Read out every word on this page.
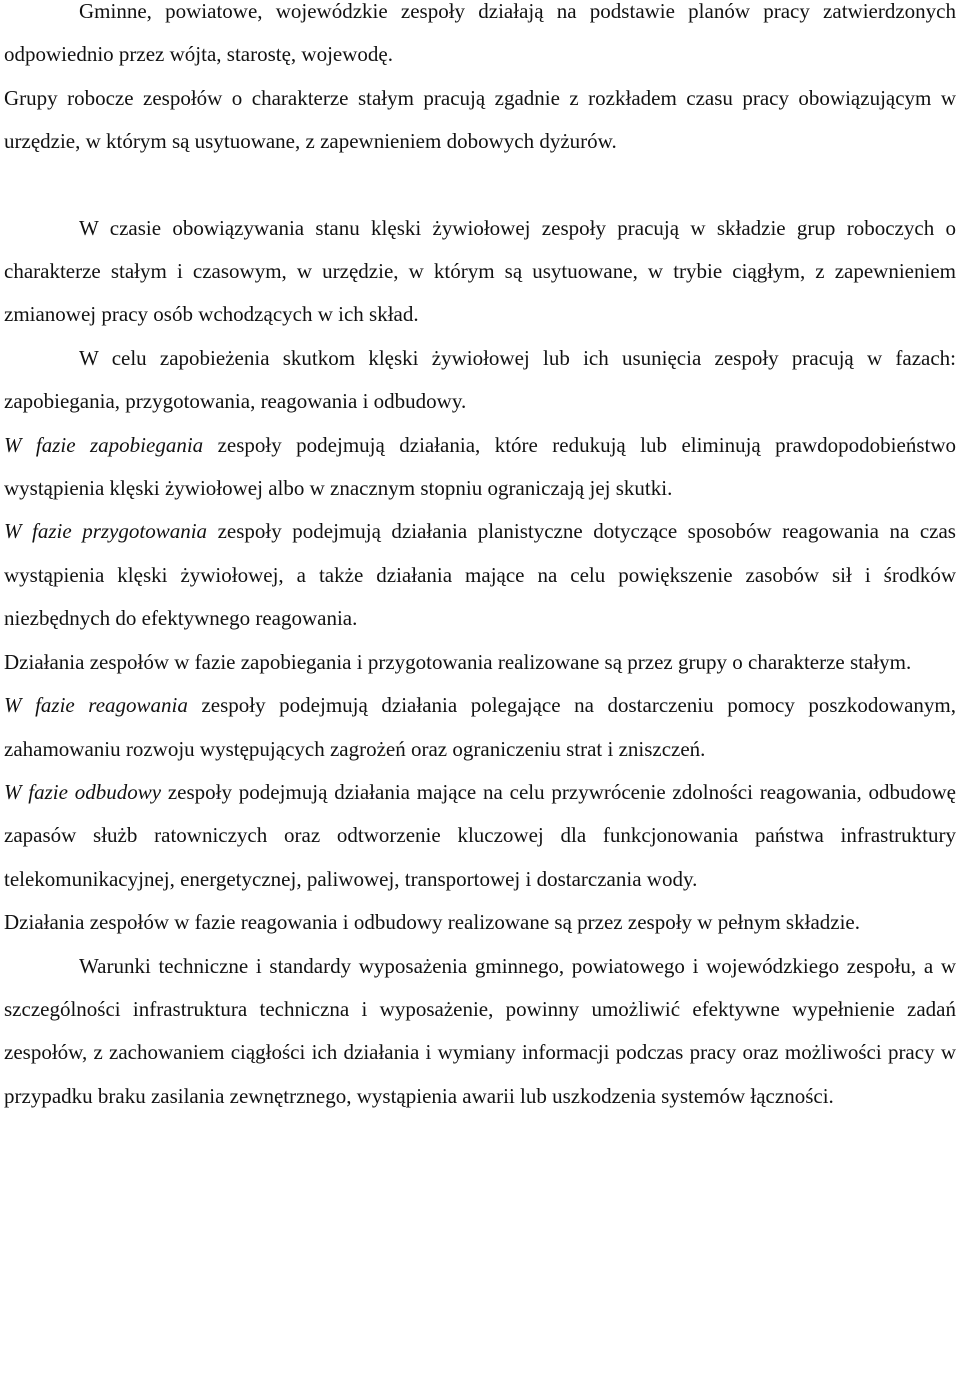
Gminne, powiatowe, wojewódzkie zespoły działają na podstawie planów pracy zatwierdzonych odpowiednio przez wójta, starostę, wojewodę.

Grupy robocze zespołów o charakterze stałym pracują zgadnie z rozkładem czasu pracy obowiązującym w urzędzie, w którym są usytuowane, z zapewnieniem dobowych dyżurów.

W czasie obowiązywania stanu klęski żywiołowej zespoły pracują w składzie grup roboczych o charakterze stałym i czasowym, w urzędzie, w którym są usytuowane, w trybie ciągłym, z zapewnieniem zmianowej pracy osób wchodzących w ich skład.

W celu zapobieżenia skutkom klęski żywiołowej lub ich usunięcia zespoły pracują w fazach: zapobiegania, przygotowania, reagowania i odbudowy.

W fazie zapobiegania zespoły podejmują działania, które redukują lub eliminują prawdopodobieństwo wystąpienia klęski żywiołowej albo w znacznym stopniu ograniczają jej skutki.

W fazie przygotowania zespoły podejmują działania planistyczne dotyczące sposobów reagowania na czas wystąpienia klęski żywiołowej, a także działania mające na celu powiększenie zasobów sił i środków niezbędnych do efektywnego reagowania.

Działania zespołów w fazie zapobiegania i przygotowania realizowane są przez grupy o charakterze stałym.

W fazie reagowania zespoły podejmują działania polegające na dostarczeniu pomocy poszkodowanym, zahamowaniu rozwoju występujących zagrożeń oraz ograniczeniu strat i zniszczeń.

W fazie odbudowy zespoły podejmują działania mające na celu przywrócenie zdolności reagowania, odbudowę zapasów służb ratowniczych oraz odtworzenie kluczowej dla funkcjonowania państwa infrastruktury telekomunikacyjnej, energetycznej, paliwowej, transportowej i dostarczania wody.

Działania zespołów w fazie reagowania i odbudowy realizowane są przez zespoły w pełnym składzie.

Warunki techniczne i standardy wyposażenia gminnego, powiatowego i wojewódzkiego zespołu, a w szczególności infrastruktura techniczna i wyposażenie, powinny umożliwić efektywne wypełnienie zadań zespołów, z zachowaniem ciągłości ich działania i wymiany informacji podczas pracy oraz możliwości pracy w przypadku braku zasilania zewnętrznego, wystąpienia awarii lub uszkodzenia systemów łączności.
